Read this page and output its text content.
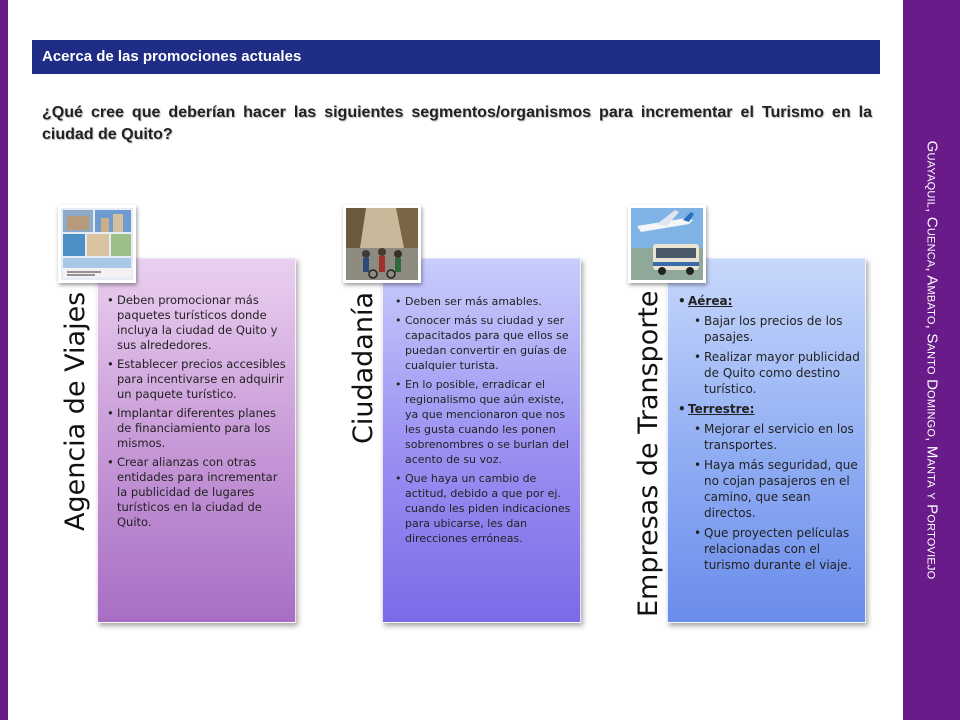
Guayaquil, Cuenca, Ambato, Santo Domingo, Manta y Portoviejo
Acerca de las promociones actuales
¿Qué cree que deberían hacer las siguientes segmentos/organismos para incrementar el Turismo en la ciudad de Quito?
Agencia de Viajes	• Deben promocionar más paquetes turísticos donde incluya la ciudad de Quito y sus alrededores.
• Establecer precios accesibles para incentivarse en adquirir un paquete turístico.
• Implantar diferentes planes de financiamiento para los mismos.
• Crear alianzas con otras entidades para incrementar la publicidad de lugares turísticos en la ciudad de Quito.
Ciudadanía	• Deben ser más amables.
• Conocer más su ciudad y ser capacitados para que ellos se puedan convertir en guías de cualquier turista.
• En lo posible, erradicar el regionalismo que aún existe, ya que mencionaron que nos les gusta cuando les ponen sobrenombres o se burlan del acento de su voz.
• Que haya un cambio de actitud, debido a que por ej. cuando les piden indicaciones para ubicarse, les dan direcciones erróneas.	Empresas de Transporte	• Aérea:
• Bajar los precios de los pasajes.
• Realizar mayor publicidad de Quito como destino turístico.
• Terrestre:
• Mejorar el servicio en los transportes.
• Haya más seguridad, que no cojan pasajeros en el camino, que sean directos.
• Que proyecten películas relacionadas con el turismo durante el viaje.
